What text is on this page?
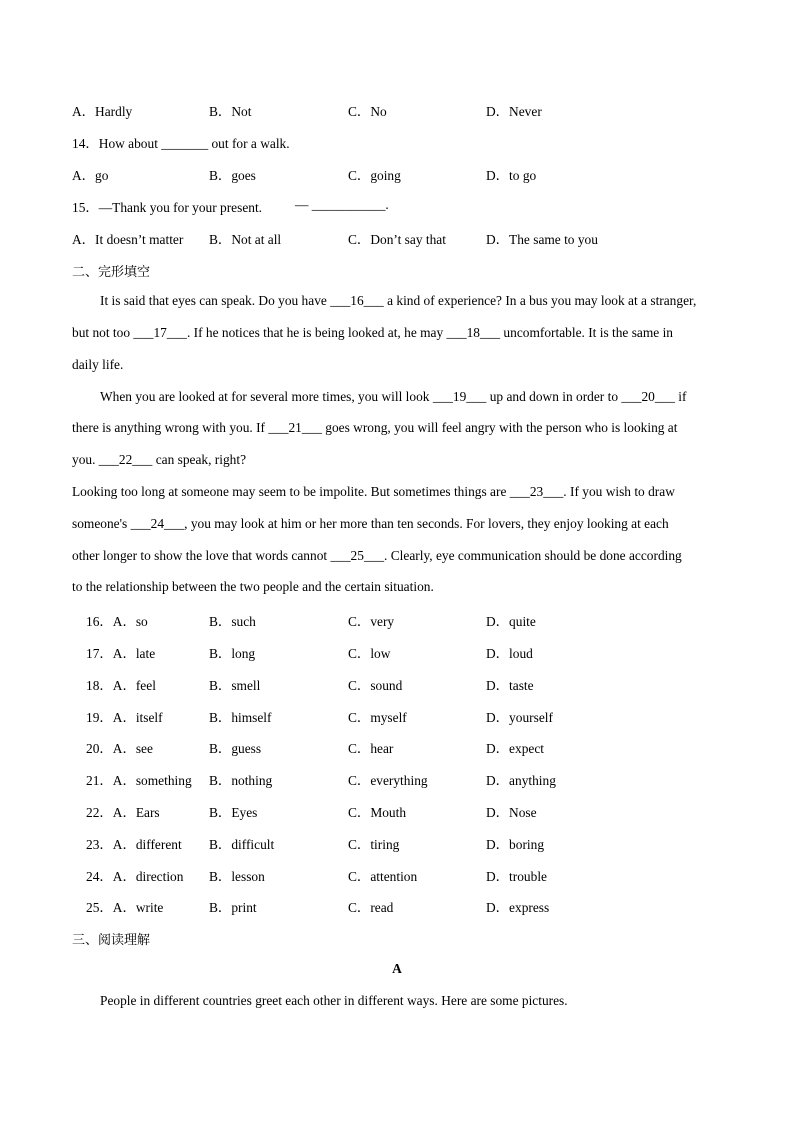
A．Hardly	B．Not	C．No	D．Never
14．How about _______ out for a walk.
A．go	B．goes	C．going	D．to go
15．—Thank you for your present. — ___________.
A．It doesn’t matter B．Not at all	C．Don’t say that	D．The same to you
二、完形填空
It is said that eyes can speak. Do you have ___16___ a kind of experience? In a bus you may look at a stranger,
but not too ___17___. If he notices that he is being looked at, he may ___18___ uncomfortable. It is the same in
daily life.
When you are looked at for several more times, you will look ___19___ up and down in order to ___20___ if
there is anything wrong with you. If ___21___ goes wrong, you will feel angry with the person who is looking at
you. ___22___ can speak, right?
Looking too long at someone may seem to be impolite. But sometimes things are ___23___. If you wish to draw
someone's ___24___, you may look at him or her more than ten seconds. For lovers, they enjoy looking at each
other longer to show the love that words cannot ___25___. Clearly, eye communication should be done according
to the relationship between the two people and the certain situation.
16．A．so	B．such	C．very	D．quite
17．A．late	B．long	C．low	D．loud
18．A．feel	B．smell	C．sound	D．taste
19．A．itself	B．himself	C．myself	D．yourself
20．A．see	B．guess	C．hear	D．expect
21．A．something B．nothing	C．everything	D．anything
22．A．Ears	B．Eyes	C．Mouth	D．Nose
23．A．different B．difficult	C．tiring	D．boring
24．A．direction B．lesson	C．attention	D．trouble
25．A．write	B．print	C．read	D．express
三、阅读理解
A
People in different countries greet each other in different ways. Here are some pictures.
